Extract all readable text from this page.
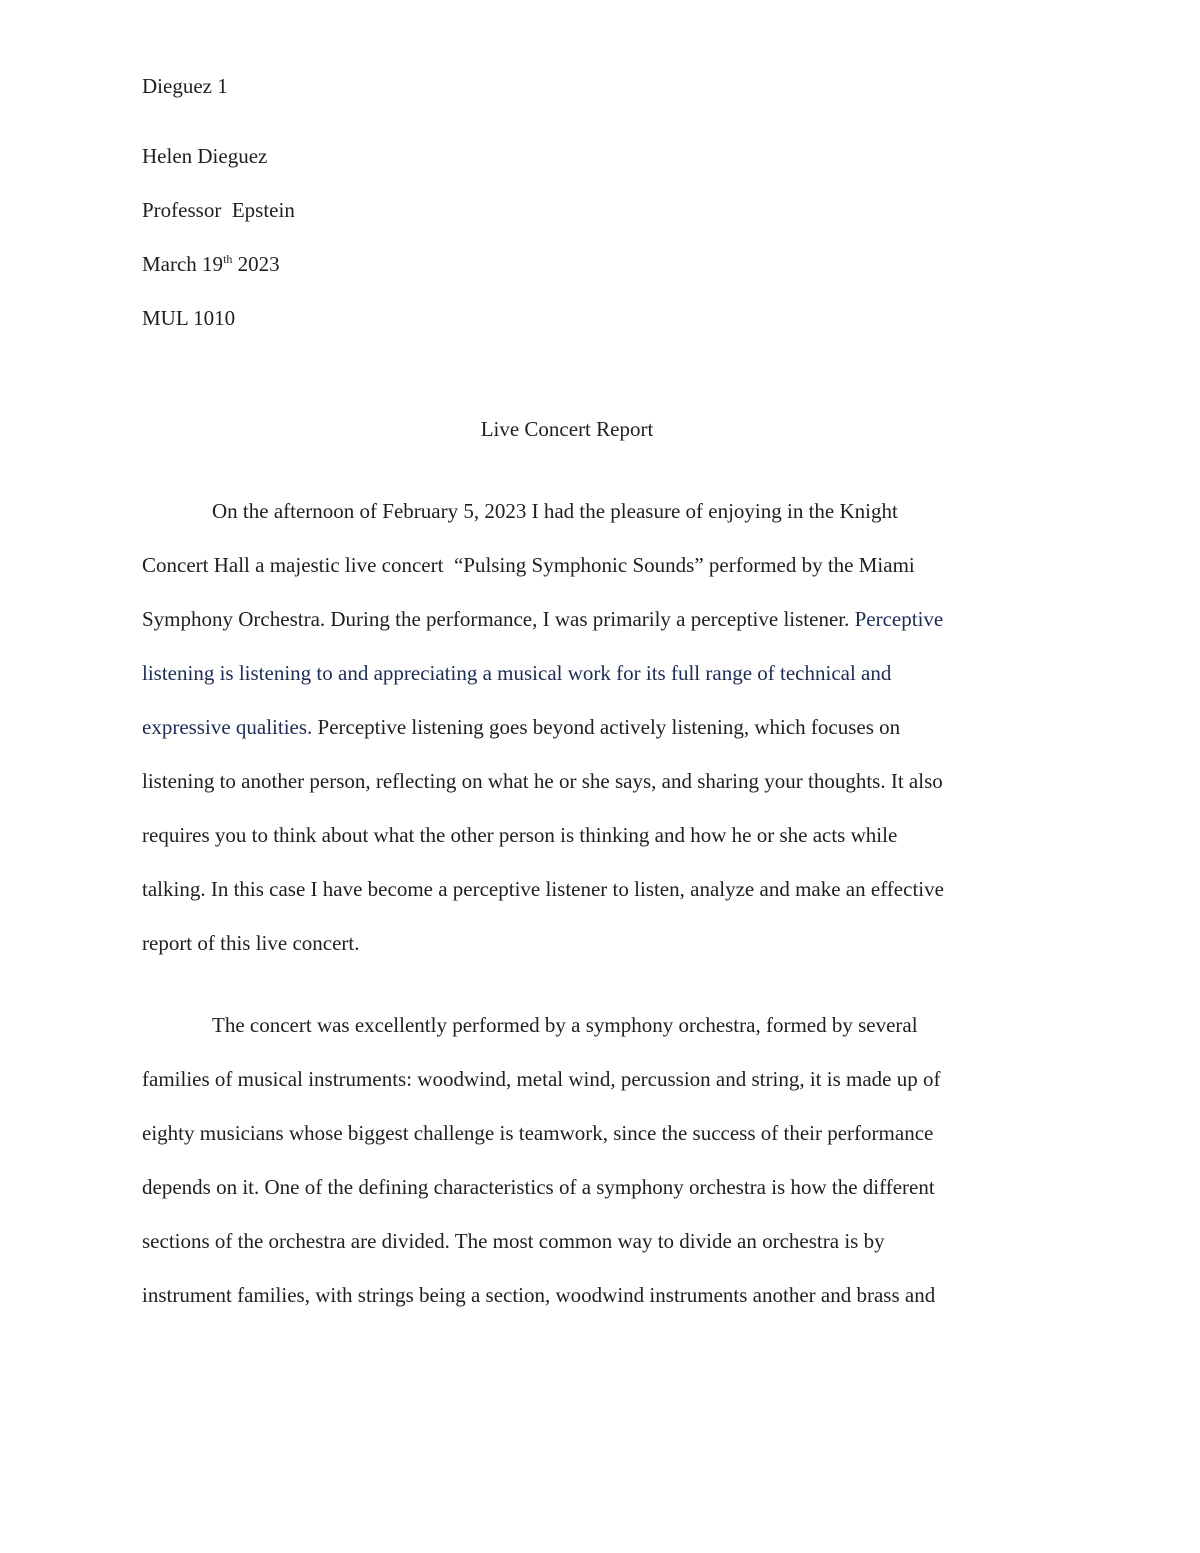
Dieguez 1

Helen Dieguez

Professor  Epstein

March 19th 2023

MUL 1010

Live Concert Report

On the afternoon of February 5, 2023 I had the pleasure of enjoying in the Knight

Concert Hall a majestic live concert  “Pulsing Symphonic Sounds” performed by the Miami

Symphony Orchestra. During the performance, I was primarily a perceptive listener. Perceptive

listening is listening to and appreciating a musical work for its full range of technical and

expressive qualities. Perceptive listening goes beyond actively listening, which focuses on

listening to another person, reflecting on what he or she says, and sharing your thoughts. It also

requires you to think about what the other person is thinking and how he or she acts while

talking. In this case I have become a perceptive listener to listen, analyze and make an effective

report of this live concert.

The concert was excellently performed by a symphony orchestra, formed by several

families of musical instruments: woodwind, metal wind, percussion and string, it is made up of

eighty musicians whose biggest challenge is teamwork, since the success of their performance

depends on it. One of the defining characteristics of a symphony orchestra is how the different

sections of the orchestra are divided. The most common way to divide an orchestra is by

instrument families, with strings being a section, woodwind instruments another and brass and
